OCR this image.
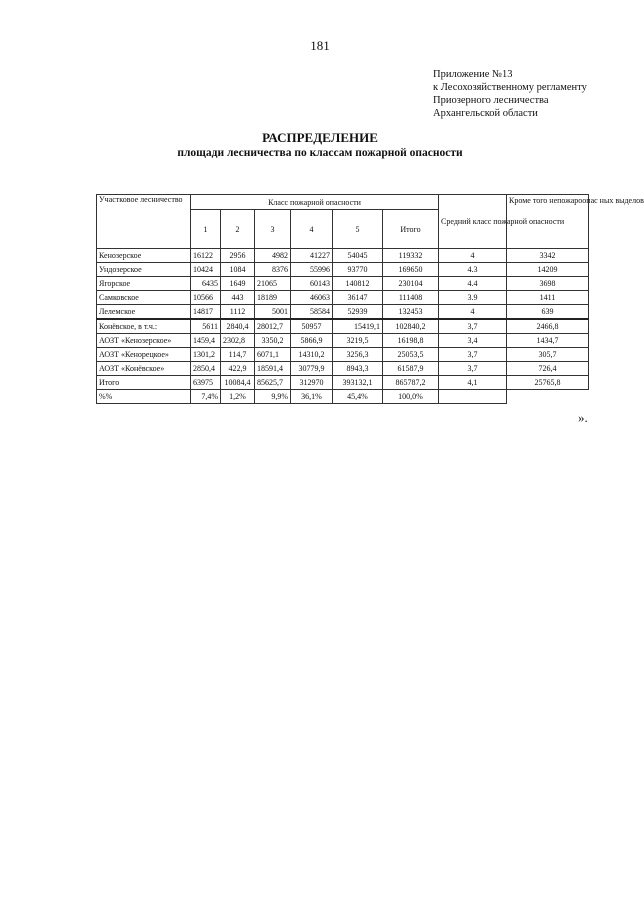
181
Приложение №13
к Лесохозяйственному регламенту
Приозерного лесничества
Архангельской области
РАСПРЕДЕЛЕНИЕ
площади лесничества по классам пожарной опасности
Участковое лесничество	Класс пожарной опасности						Средний класс пожарной опасности	Кроме того непожароопас ных выделов
	1	2	3	4	5	Итого		
Кенозерское	16122	2956	4982	41227	54045	119332	4	3342
Ундозерское	10424	1084	8376	55996	93770	169650	4.3	14209
Ягорское	6435	1649	21065	60143	140812	230104	4.4	3698
Самковское	10566	443	18189	46063	36147	111408	3.9	1411
Лелемское	14817	1112	5001	58584	52939	132453	4	639
Конёвское, в т.ч.:	5611	2840,4	28012,7	50957	15419,1	102840,2	3,7	2466,8
АОЗТ «Кенозерское»	1459,4	2302,8	3350,2	5866,9	3219,5	16198,8	3,4	1434,7
АОЗТ «Кенорецкое»	1301,2	114,7	6071,1	14310,2	3256,3	25053,5	3,7	305,7
АОЗТ «Конёвское»	2850,4	422,9	18591,4	30779,9	8943,3	61587,9	3,7	726,4
Итого	63975	10084,4	85625,7	312970	393132,1	865787,2	4,1	25765,8
%%	7,4%	1,2%	9,9%	36,1%	45,4%	100,0%		
».
